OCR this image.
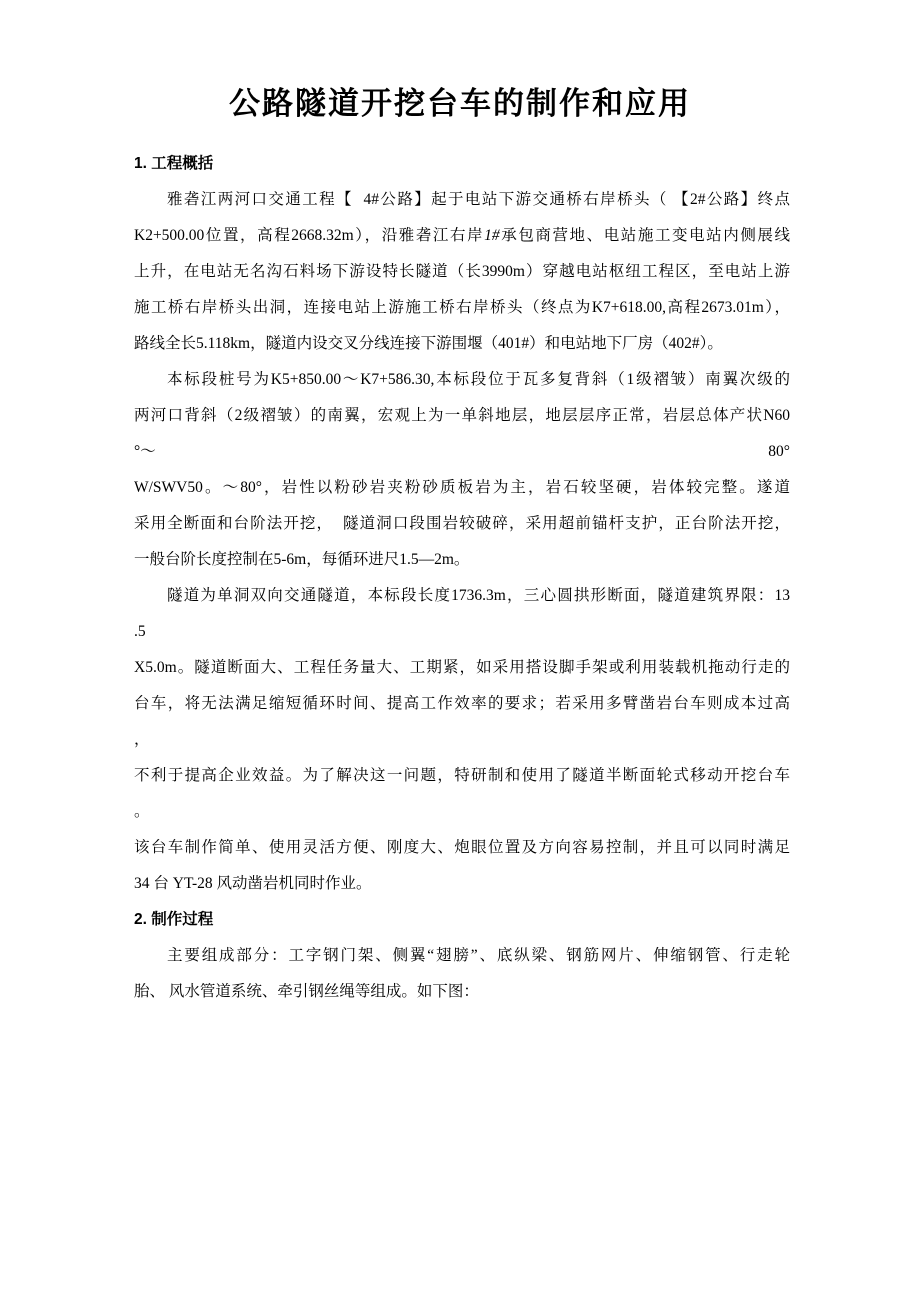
公路隧道开挖台车的制作和应用
1. 工程概括
雅砻江两河口交通工程【  4#公路】起于电站下游交通桥右岸桥头（ 【2#公路】终点
K2+500.00位置，高程2668.32m），沿雅砻江右岸1#承包商营地、电站施工变电站内侧展线
上升，在电站无名沟石料场下游设特长隧道（长3990m）穿越电站枢纽工程区，至电站上游
施工桥右岸桥头出洞，连接电站上游施工桥右岸桥头（终点为K7+618.00,高程2673.01m），
路线全长5.118km，隧道内设交叉分线连接下游围堰（401#）和电站地下厂房（402#）。
本标段桩号为K5+850.00～K7+586.30,本标段位于瓦多复背斜（1级褶皱）南翼次级的
两河口背斜（2级褶皱）的南翼，宏观上为一单斜地层，地层层序正常，岩层总体产状N60
°～	80°
W/SWV50。～80°，岩性以粉砂岩夹粉砂质板岩为主，岩石较坚硬，岩体较完整。遂道
采用全断面和台阶法开挖，  隧道洞口段围岩较破碎，采用超前锚杆支护，正台阶法开挖，
一般台阶长度控制在5-6m，每循环进尺1.5—2m。
隧道为单洞双向交通隧道，本标段长度1736.3m，三心圆拱形断面，隧道建筑界限：13
.5
X5.0m。隧道断面大、工程任务量大、工期紧，如采用搭设脚手架或利用装载机拖动行走的
台车，将无法满足缩短循环时间、提高工作效率的要求；若采用多臂凿岩台车则成本过高
，
不利于提高企业效益。为了解决这一问题，特研制和使用了隧道半断面轮式移动开挖台车
。
该台车制作简单、使用灵活方便、刚度大、炮眼位置及方向容易控制，并且可以同时满足
34 台 YT-28 风动凿岩机同时作业。
2. 制作过程
主要组成部分：工字钢门架、侧翼“翅膀”、底纵梁、钢筋网片、伸缩钢管、行走轮
胎、 风水管道系统、牵引钢丝绳等组成。如下图：
